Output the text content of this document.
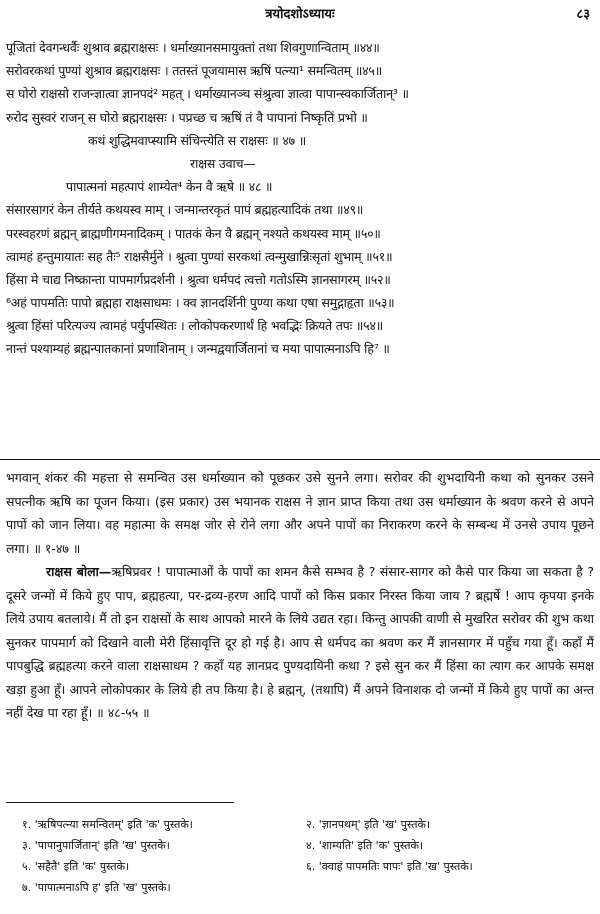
त्रयोदशोऽध्यायः	८३
पूजितां देवगन्धर्वैः शुश्राव ब्रह्मराक्षसः । धर्माख्यानसमायुक्तां तथा शिवगुणान्विताम् ॥४४॥
सरोवरकथां पुण्यां शुश्राव ब्रह्मराक्षसः । ततस्तं पूजयामास ऋषिं पत्न्या¹ समन्वितम् ॥४५॥
स घोरो राक्षसो राजन्ज्ञात्वा ज्ञानपदं² महत् । धर्माख्यानञ्च संश्रुत्वा ज्ञात्वा पापान्स्वकार्जितान्³ ॥
रुरोद सुस्वरं राजन् स घोरो ब्रह्मराक्षसः । पप्रच्छ च ऋषिं तं वै पापानां निष्कृतिं प्रभो ॥
कथं शुद्धिमवाप्स्यामि संचिन्त्येति स राक्षसः ॥ ४७ ॥
राक्षस उवाच—
पापात्मनां महत्पापं शाम्येत⁴ केन वै ऋषे ॥ ४८ ॥
संसारसागरं केन तीर्यते कथयस्व माम् । जन्मान्तरकृतं पापं ब्रह्महत्यादिकं तथा ॥४९॥
परस्वहरणं ब्रह्मन् ब्राह्मणीगमनादिकम् । पातकं केन वै ब्रह्मन् नश्यते कथयस्व माम् ॥५०॥
त्वामहं हन्तुमायातः सह तैः⁵ राक्षसैर्मुने । श्रुत्वा पुण्यां सरकथां त्वन्मुखान्निःसृतां शुभाम् ॥५१॥
हिंसा मे चाद्य निष्क्रान्ता पापमार्गप्रदर्शनी । श्रुत्वा धर्मपदं त्वत्तो गतोऽस्मि ज्ञानसागरम् ॥५२॥
⁶अहं पापमतिः पापो ब्रह्महा राक्षसाधमः । क्व ज्ञानदर्शिनी पुण्या कथा एषा समुद्गाहृता ॥५३॥
श्रुत्वा हिंसां परित्यज्य त्वामहं पर्युपस्थितः । लोकोपकरणार्थं हि भवद्भिः क्रियते तपः ॥५४॥
नान्तं पश्याम्यहं ब्रह्मन्पातकानां प्रणाशिनाम् । जन्मद्वयार्जितानां च मया पापात्मनाऽपि हि⁷ ॥

भगवान् शंकर की महत्ता से समन्वित उस धर्माख्यान को पूछकर उसे सुनने लगा। सरोवर की शुभदायिनी कथा को सुनकर उसने सपत्नीक ऋषि का पूजन किया। (इस प्रकार) उस भयानक राक्षस ने ज्ञान प्राप्त किया तथा उस धर्माख्यान के श्रवण करने से अपने पापों को जान लिया। वह महात्मा के समक्ष जोर से रोने लगा और अपने पापों का निराकरण करने के सम्बन्ध में उनसे उपाय पूछने लगा। ॥ १-४७ ॥

राक्षस बोला—ऋषिप्रवर ! पापात्माओं के पापों का शमन कैसे सम्भव है ? संसार-सागर को कैसे पार किया जा सकता है ? दूसरे जन्मों में किये हुए पाप, ब्रह्महत्या, पर-द्रव्य-हरण आदि पापों को किस प्रकार निरस्त किया जाय ? ब्रह्मर्षे ! आप कृपया इनके लिये उपाय बतलाये। मैं तो इन राक्षसों के साथ आपको मारने के लिये उद्यत रहा। किन्तु आपकी वाणी से मुखरित सरोवर की शुभ कथा सुनकर पापमार्ग को दिखाने वाली मेरी हिंसावृत्ति दूर हो गई है। आप से धर्मपद का श्रवण कर मैं ज्ञानसागर में पहुँच गया हूँ। कहाँ मैं पापबुद्धि ब्रह्महत्या करने वाला राक्षसाधम ? कहाँ यह ज्ञानप्रद पुण्यदायिनी कथा ? इसे सुन कर मैं हिंसा का त्याग कर आपके समक्ष खड़ा हुआ हूँ। आपने लोकोपकार के लिये ही तप किया है। हे ब्रह्मन्, (तथापि) मैं अपने विनाशक दो जन्मों में किये हुए पापों का अन्त नहीं देख पा रहा हूँ। ॥ ४८-५५ ॥

१. 'ऋषिपत्न्या समन्वितम्' इति 'क' पुस्तके।	२. 'ज्ञानपथम्' इति 'ख' पुस्तके।
३. 'पापानुपार्जितान्' इति 'ख' पुस्तके।	४. 'शाम्यति' इति 'क' पुस्तके।
५. 'सहैतै' इति 'क' पुस्तके।	६. 'क्वाहं पापमतिः पापः' इति 'ख' पुस्तके।
७. 'पापात्मनाऽपि ह' इति 'ख' पुस्तके।
